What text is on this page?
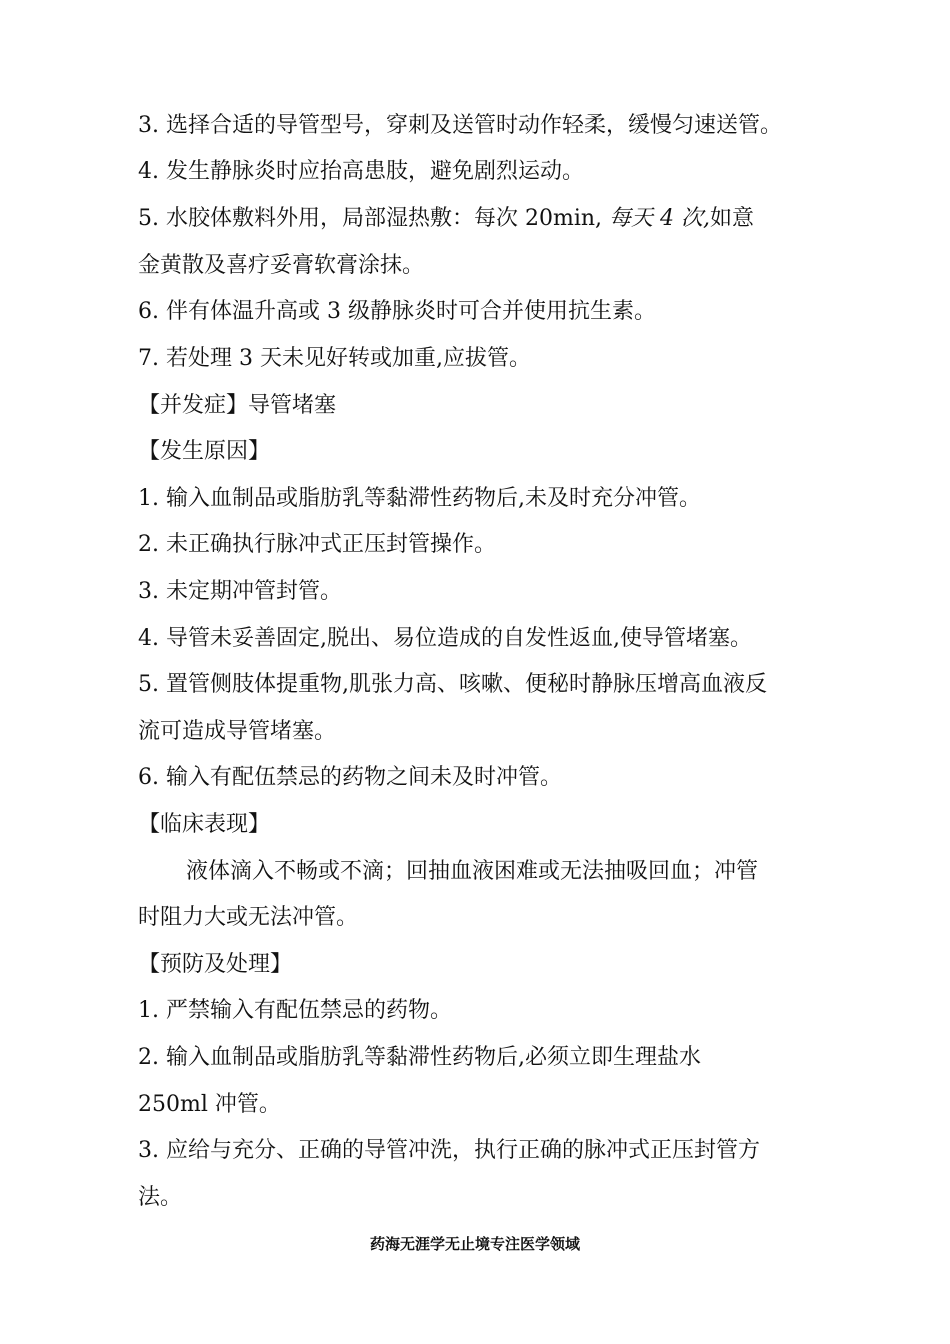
3. 选择合适的导管型号，穿刺及送管时动作轻柔，缓慢匀速送管。

4. 发生静脉炎时应抬高患肢，避免剧烈运动。

5. 水胶体敷料外用，局部湿热敷：每次 20min, 每天 4 次,如意

金黄散及喜疗妥膏软膏涂抹。

6. 伴有体温升高或 3 级静脉炎时可合并使用抗生素。

7. 若处理 3 天未见好转或加重,应拔管。

【并发症】导管堵塞

【发生原因】

1. 输入血制品或脂肪乳等黏滞性药物后,未及时充分冲管。

2. 未正确执行脉冲式正压封管操作。

3. 未定期冲管封管。

4. 导管未妥善固定,脱出、易位造成的自发性返血,使导管堵塞。

5. 置管侧肢体提重物,肌张力高、咳嗽、便秘时静脉压增高血液反

流可造成导管堵塞。

6. 输入有配伍禁忌的药物之间未及时冲管。

【临床表现】

液体滴入不畅或不滴；回抽血液困难或无法抽吸回血；冲管

时阻力大或无法冲管。

【预防及处理】

1. 严禁输入有配伍禁忌的药物。

2. 输入血制品或脂肪乳等黏滞性药物后,必须立即生理盐水

250ml 冲管。

3. 应给与充分、正确的导管冲洗，执行正确的脉冲式正压封管方

法。

药海无涯学无止境专注医学领域
